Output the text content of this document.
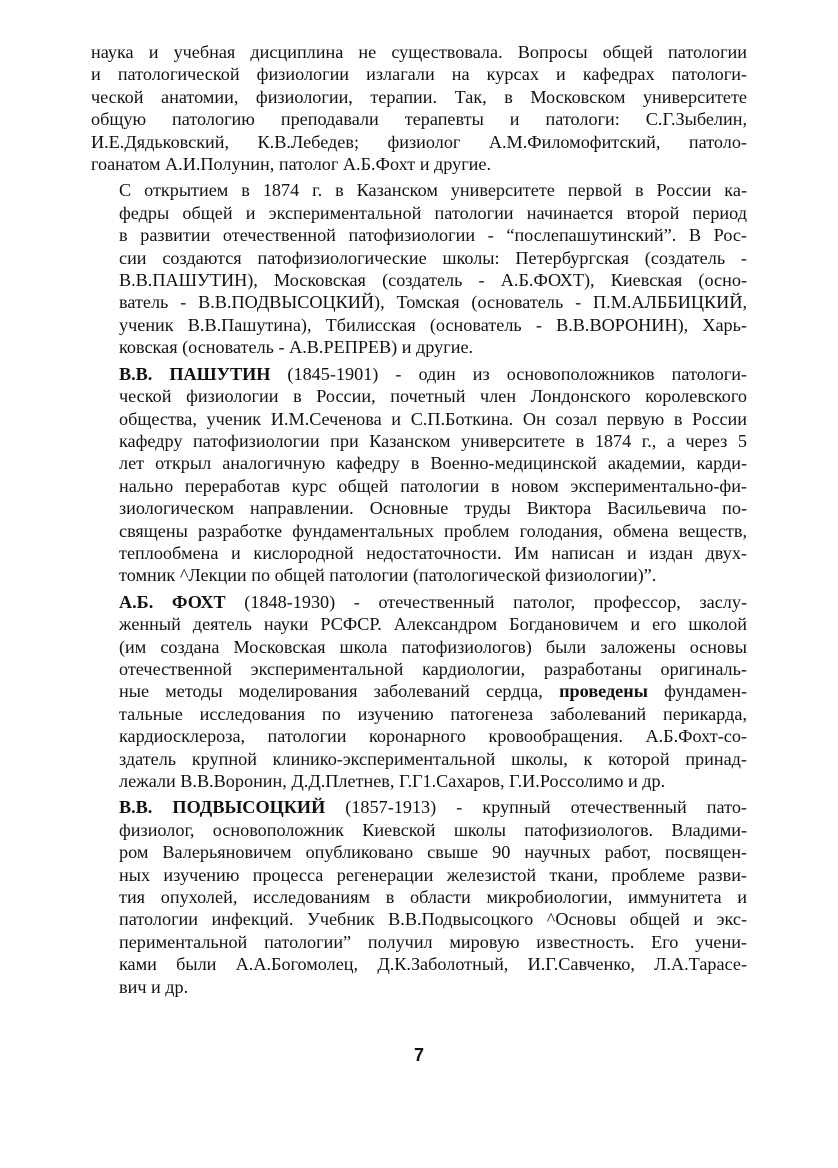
наука и учебная дисциплина не существовала. Вопросы общей патологии
и патологической физиологии излагали на курсах и кафедрах патологи-
ческой анатомии, физиологии, терапии. Так, в Московском университете
общую патологию преподавали терапевты и патологи: С.Г.Зыбелин,
И.Е.Дядьковский, К.В.Лебедев; физиолог А.М.Филомофитский, патоло-
гоанатом А.И.Полунин, патолог А.Б.Фохт и другие.

С открытием в 1874 г. в Казанском университете первой в России ка-
федры общей и экспериментальной патологии начинается второй период
в развитии отечественной патофизиологии - “послепашутинский”. В Рос-
сии создаются патофизиологические школы: Петербургская (создатель -
В.В.ПАШУТИН), Московская (создатель - А.Б.ФОХТ), Киевская (осно-
ватель - В.В.ПОДВЫСОЦКИЙ), Томская (основатель - П.М.АЛББИЦКИЙ,
ученик В.В.Пашутина), Тбилисская (основатель - В.В.ВОРОНИН), Харь-
ковская (основатель - А.В.РЕПРЕВ) и другие.

В.В. ПАШУТИН (1845-1901) - один из основоположников патологи-
ческой физиологии в России, почетный член Лондонского королевского
общества, ученик И.М.Сеченова и С.П.Боткина. Он созал первую в России
кафедру патофизиологии при Казанском университете в 1874 г., а через 5
лет открыл аналогичную кафедру в Военно-медицинской академии, карди-
нально переработав курс общей патологии в новом экспериментально-фи-
зиологическом направлении. Основные труды Виктора Васильевича по-
священы разработке фундаментальных проблем голодания, обмена веществ,
теплообмена и кислородной недостаточности. Им написан и издан двух-
томник ^Лекции по общей патологии (патологической физиологии)”.

А.Б. ФОХТ (1848-1930) - отечественный патолог, профессор, заслу-
женный деятель науки РСФСР. Александром Богдановичем и его школой
(им создана Московская школа патофизиологов) были заложены основы
отечественной экспериментальной кардиологии, разработаны оригиналь-
ные методы моделирования заболеваний сердца, проведены фундамен-
тальные исследования по изучению патогенеза заболеваний перикарда,
кардиосклероза, патологии коронарного кровообращения. А.Б.Фохт-со-
здатель крупной клинико-экспериментальной школы, к которой принад-
лежали В.В.Воронин, Д.Д.Плетнев, Г.Г1.Сахаров, Г.И.Россолимо и др.

В.В. ПОДВЫСОЦКИЙ (1857-1913) - крупный отечественный пато-
физиолог, основоположник Киевской школы патофизиологов. Владими-
ром Валерьяновичем опубликовано свыше 90 научных работ, посвящен-
ных изучению процесса регенерации железистой ткани, проблеме разви-
тия опухолей, исследованиям в области микробиологии, иммунитета и
патологии инфекций. Учебник В.В.Подвысоцкого ^Основы общей и экс-
периментальной патологии” получил мировую известность. Его учени-
ками были А.А.Богомолец, Д.К.Заболотный, И.Г.Савченко, Л.А.Тарасе-
вич и др.

7
